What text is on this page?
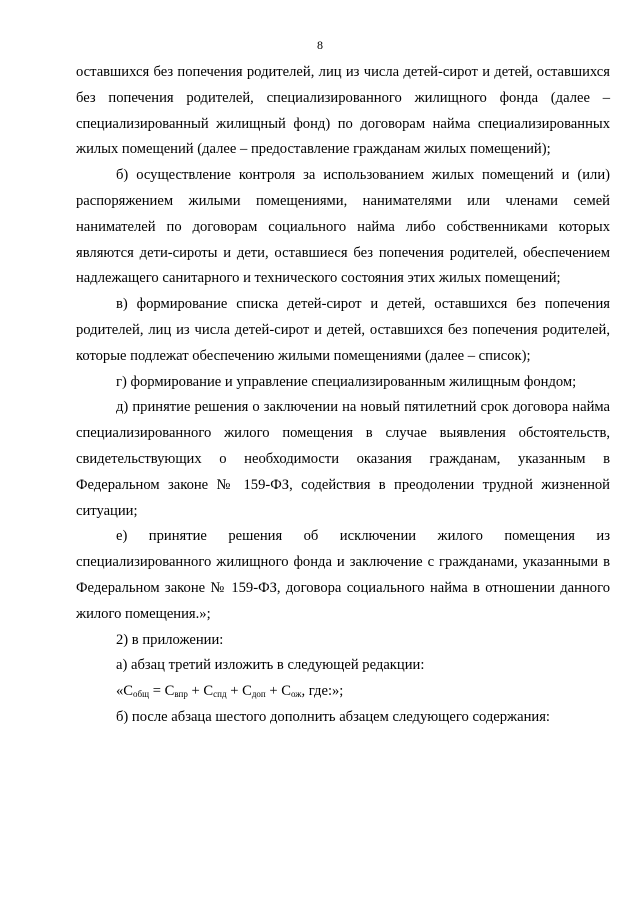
8

оставшихся без попечения родителей, лиц из числа детей-сирот и детей, оставшихся без попечения родителей, специализированного жилищного фонда (далее – специализированный жилищный фонд) по договорам найма специализированных жилых помещений (далее – предоставление гражданам жилых помещений);

б) осуществление контроля за использованием жилых помещений и (или) распоряжением жилыми помещениями, нанимателями или членами семей нанимателей по договорам социального найма либо собственниками которых являются дети-сироты и дети, оставшиеся без попечения родителей, обеспечением надлежащего санитарного и технического состояния этих жилых помещений;

в) формирование списка детей-сирот и детей, оставшихся без попечения родителей, лиц из числа детей-сирот и детей, оставшихся без попечения родителей, которые подлежат обеспечению жилыми помещениями (далее – список);

г) формирование и управление специализированным жилищным фондом;

д) принятие решения о заключении на новый пятилетний срок договора найма специализированного жилого помещения в случае выявления обстоятельств, свидетельствующих о необходимости оказания гражданам, указанным в Федеральном законе № 159-ФЗ, содействия в преодолении трудной жизненной ситуации;

е) принятие решения об исключении жилого помещения из специализированного жилищного фонда и заключение с гражданами, указанными в Федеральном законе № 159-ФЗ, договора социального найма в отношении данного жилого помещения.»;

2) в приложении:

а) абзац третий изложить в следующей редакции:

«$C_{общ} = C_{впр} + C_{спд} + C_{доп} + C_{ож}$, где:»;

б) после абзаца шестого дополнить абзацем следующего содержания:
